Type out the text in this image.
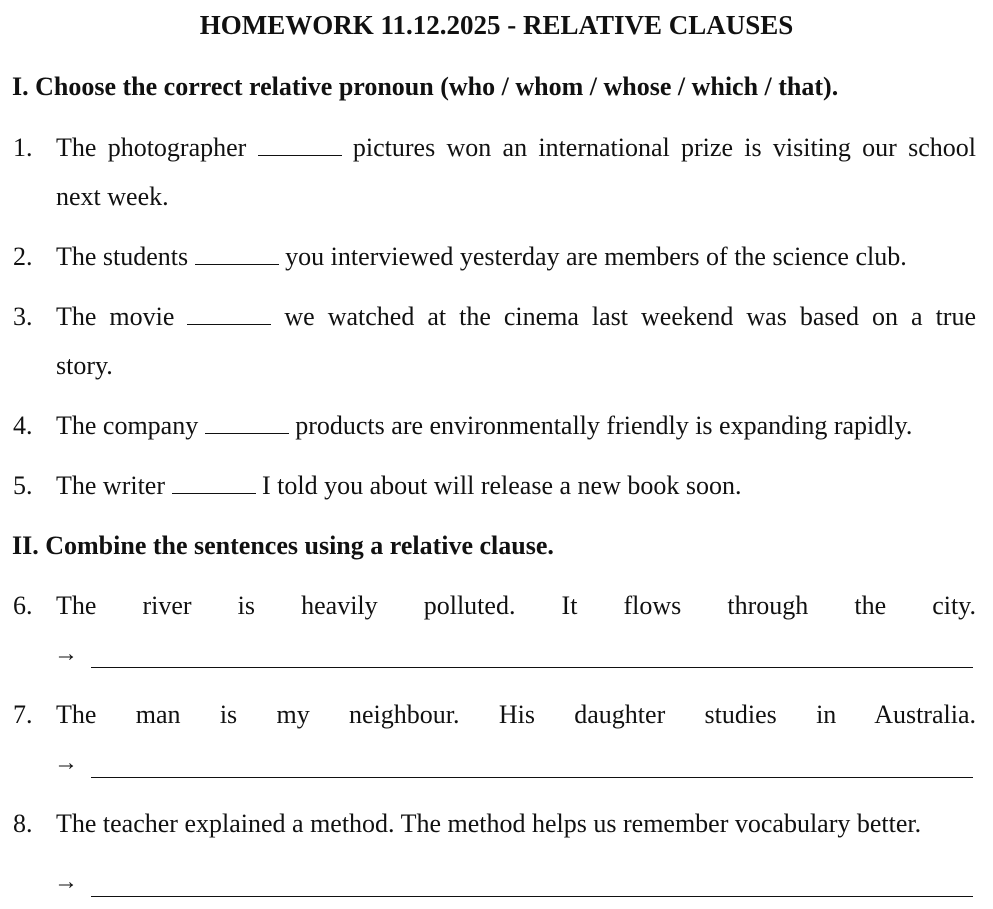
HOMEWORK 11.12.2025 - RELATIVE CLAUSES
I. Choose the correct relative pronoun (who / whom / whose / which / that).
1. The photographer	pictures won an international prize is visiting our school
next week.
2. The students	you interviewed yesterday are members of the science club.
3. The movie	we watched at the cinema last weekend was based on a true
story.
4. The company	products are environmentally friendly is expanding rapidly.
5. The writer	I told you about will release a new book soon.
II. Combine the sentences using a relative clause.
6. The river is heavily polluted. It flows through the city.
→
7. The man is my neighbour. His daughter studies in Australia.
→
8. The teacher explained a method. The method helps us remember vocabulary better.
→
